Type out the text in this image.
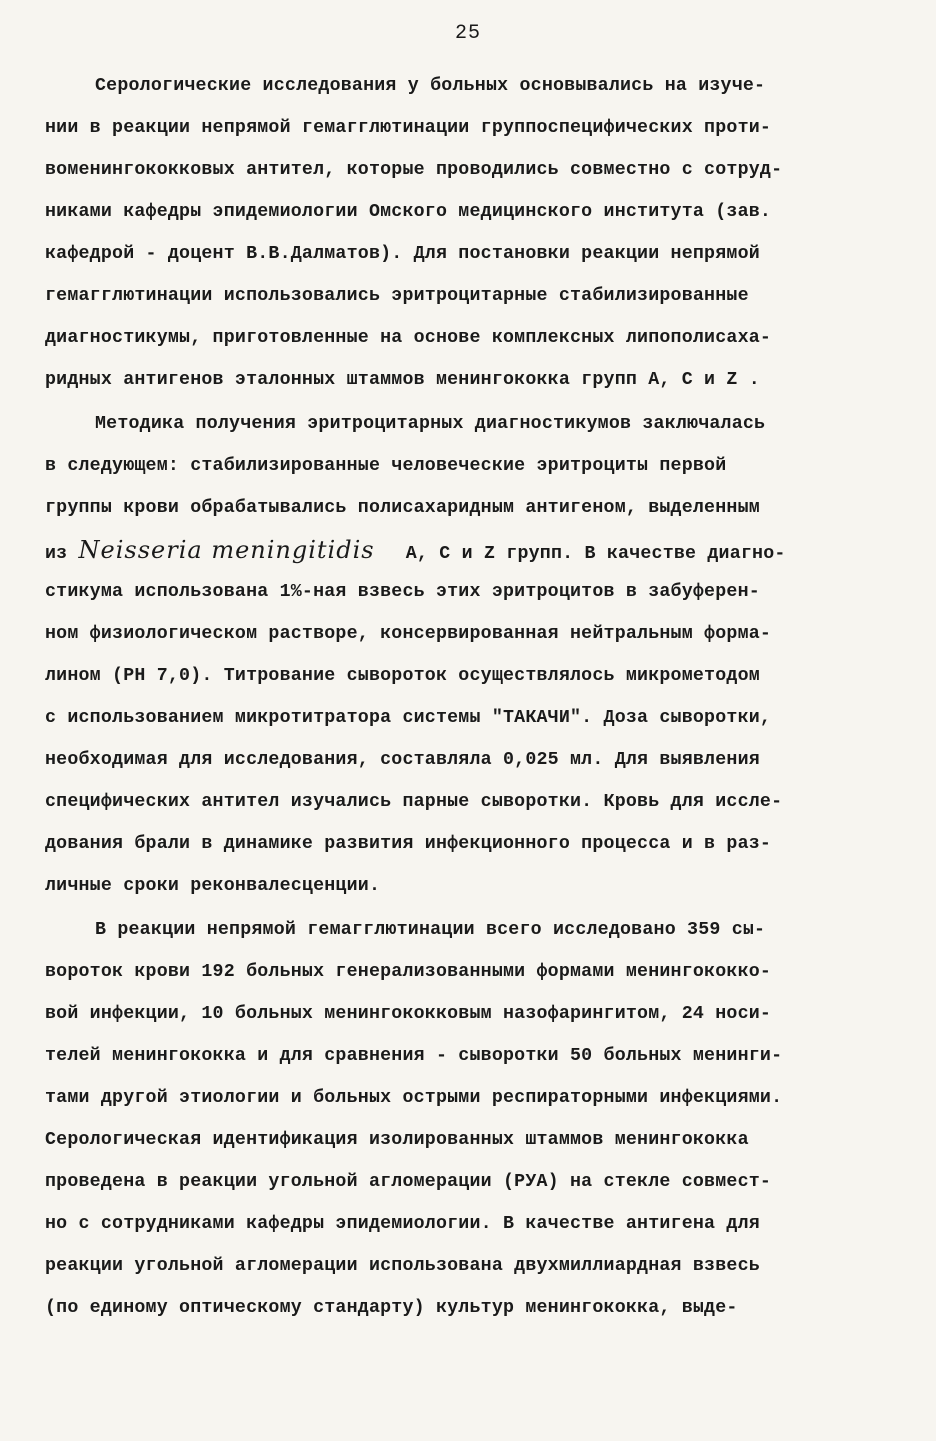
25

Серологические исследования у больных основывались на изуче-

нии в реакции непрямой гемагглютинации группоспецифических проти-

воменингококковых антител, которые проводились совместно с сотруд-

никами кафедры эпидемиологии Омского медицинского института (зав.

кафедрой - доцент В.В.Далматов). Для постановки реакции непрямой

гемагглютинации использовались эритроцитарные стабилизированные

диагностикумы, приготовленные на основе комплексных липополисаха-

ридных антигенов эталонных штаммов менингококка групп А, С и Z .

Методика получения эритроцитарных диагностикумов заключалась

в следующем: стабилизированные человеческие эритроциты первой

группы крови обрабатывались полисахаридным антигеном, выделенным

из Neisseria meningitidis А, С и Z групп. В качестве диагно-

стикума использована 1%-ная взвесь этих эритроцитов в забуферен-

ном физиологическом растворе, консервированная нейтральным форма-

лином (РН 7,0). Титрование сывороток осуществлялось микрометодом

с использованием микротитратора системы "ТАКАЧИ". Доза сыворотки,

необходимая для исследования, составляла 0,025 мл. Для выявления

специфических антител изучались парные сыворотки. Кровь для иссле-

дования брали в динамике развития инфекционного процесса и в раз-

личные сроки реконвалесценции.

В реакции непрямой гемагглютинации всего исследовано 359 сы-

вороток крови 192 больных генерализованными формами менингококко-

вой инфекции, 10 больных менингококковым назофарингитом, 24 носи-

телей менингококка и для сравнения - сыворотки 50 больных менинги-

тами другой этиологии и больных острыми респираторными инфекциями.

Серологическая идентификация изолированных штаммов менингококка

проведена в реакции угольной агломерации (РУА) на стекле совмест-

но с сотрудниками кафедры эпидемиологии. В качестве антигена для

реакции угольной агломерации использована двухмиллиардная взвесь

(по единому оптическому стандарту) культур менингококка, выде-
